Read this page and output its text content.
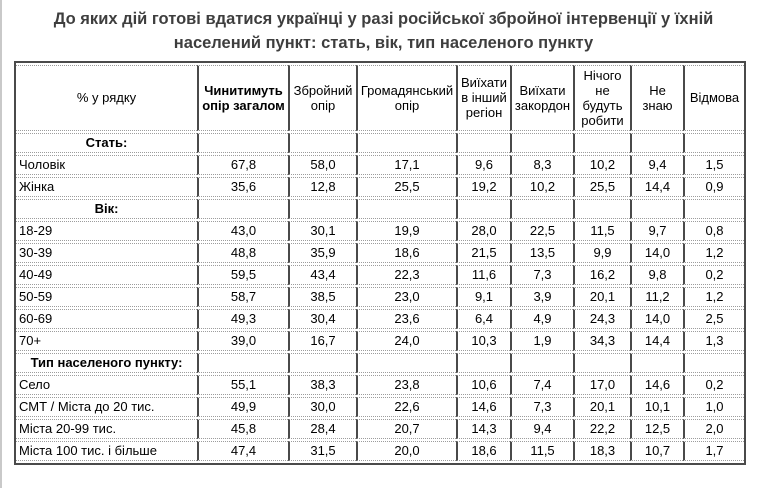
До яких дій готові вдатися українці у разі російської збройної інтервенції у їхній населений пункт: стать, вік, тип населеного пункту
% у рядку	Чинитимуть опір загалом	Збройний опір	Громадянський опір	Виїхати в інший регіон	Виїхати закордон	Нічого не будуть робити	Не знаю	Відмова
Стать:								
Чоловік	67,8	58,0	17,1	9,6	8,3	10,2	9,4	1,5
Жінка	35,6	12,8	25,5	19,2	10,2	25,5	14,4	0,9
Вік:								
18-29	43,0	30,1	19,9	28,0	22,5	11,5	9,7	0,8
30-39	48,8	35,9	18,6	21,5	13,5	9,9	14,0	1,2
40-49	59,5	43,4	22,3	11,6	7,3	16,2	9,8	0,2
50-59	58,7	38,5	23,0	9,1	3,9	20,1	11,2	1,2
60-69	49,3	30,4	23,6	6,4	4,9	24,3	14,0	2,5
70+	39,0	16,7	24,0	10,3	1,9	34,3	14,4	1,3
Тип населеного пункту:								
Село	55,1	38,3	23,8	10,6	7,4	17,0	14,6	0,2
СМТ / Міста до 20 тис.	49,9	30,0	22,6	14,6	7,3	20,1	10,1	1,0
Міста 20-99 тис.	45,8	28,4	20,7	14,3	9,4	22,2	12,5	2,0
Міста 100 тис. і більше	47,4	31,5	20,0	18,6	11,5	18,3	10,7	1,7
